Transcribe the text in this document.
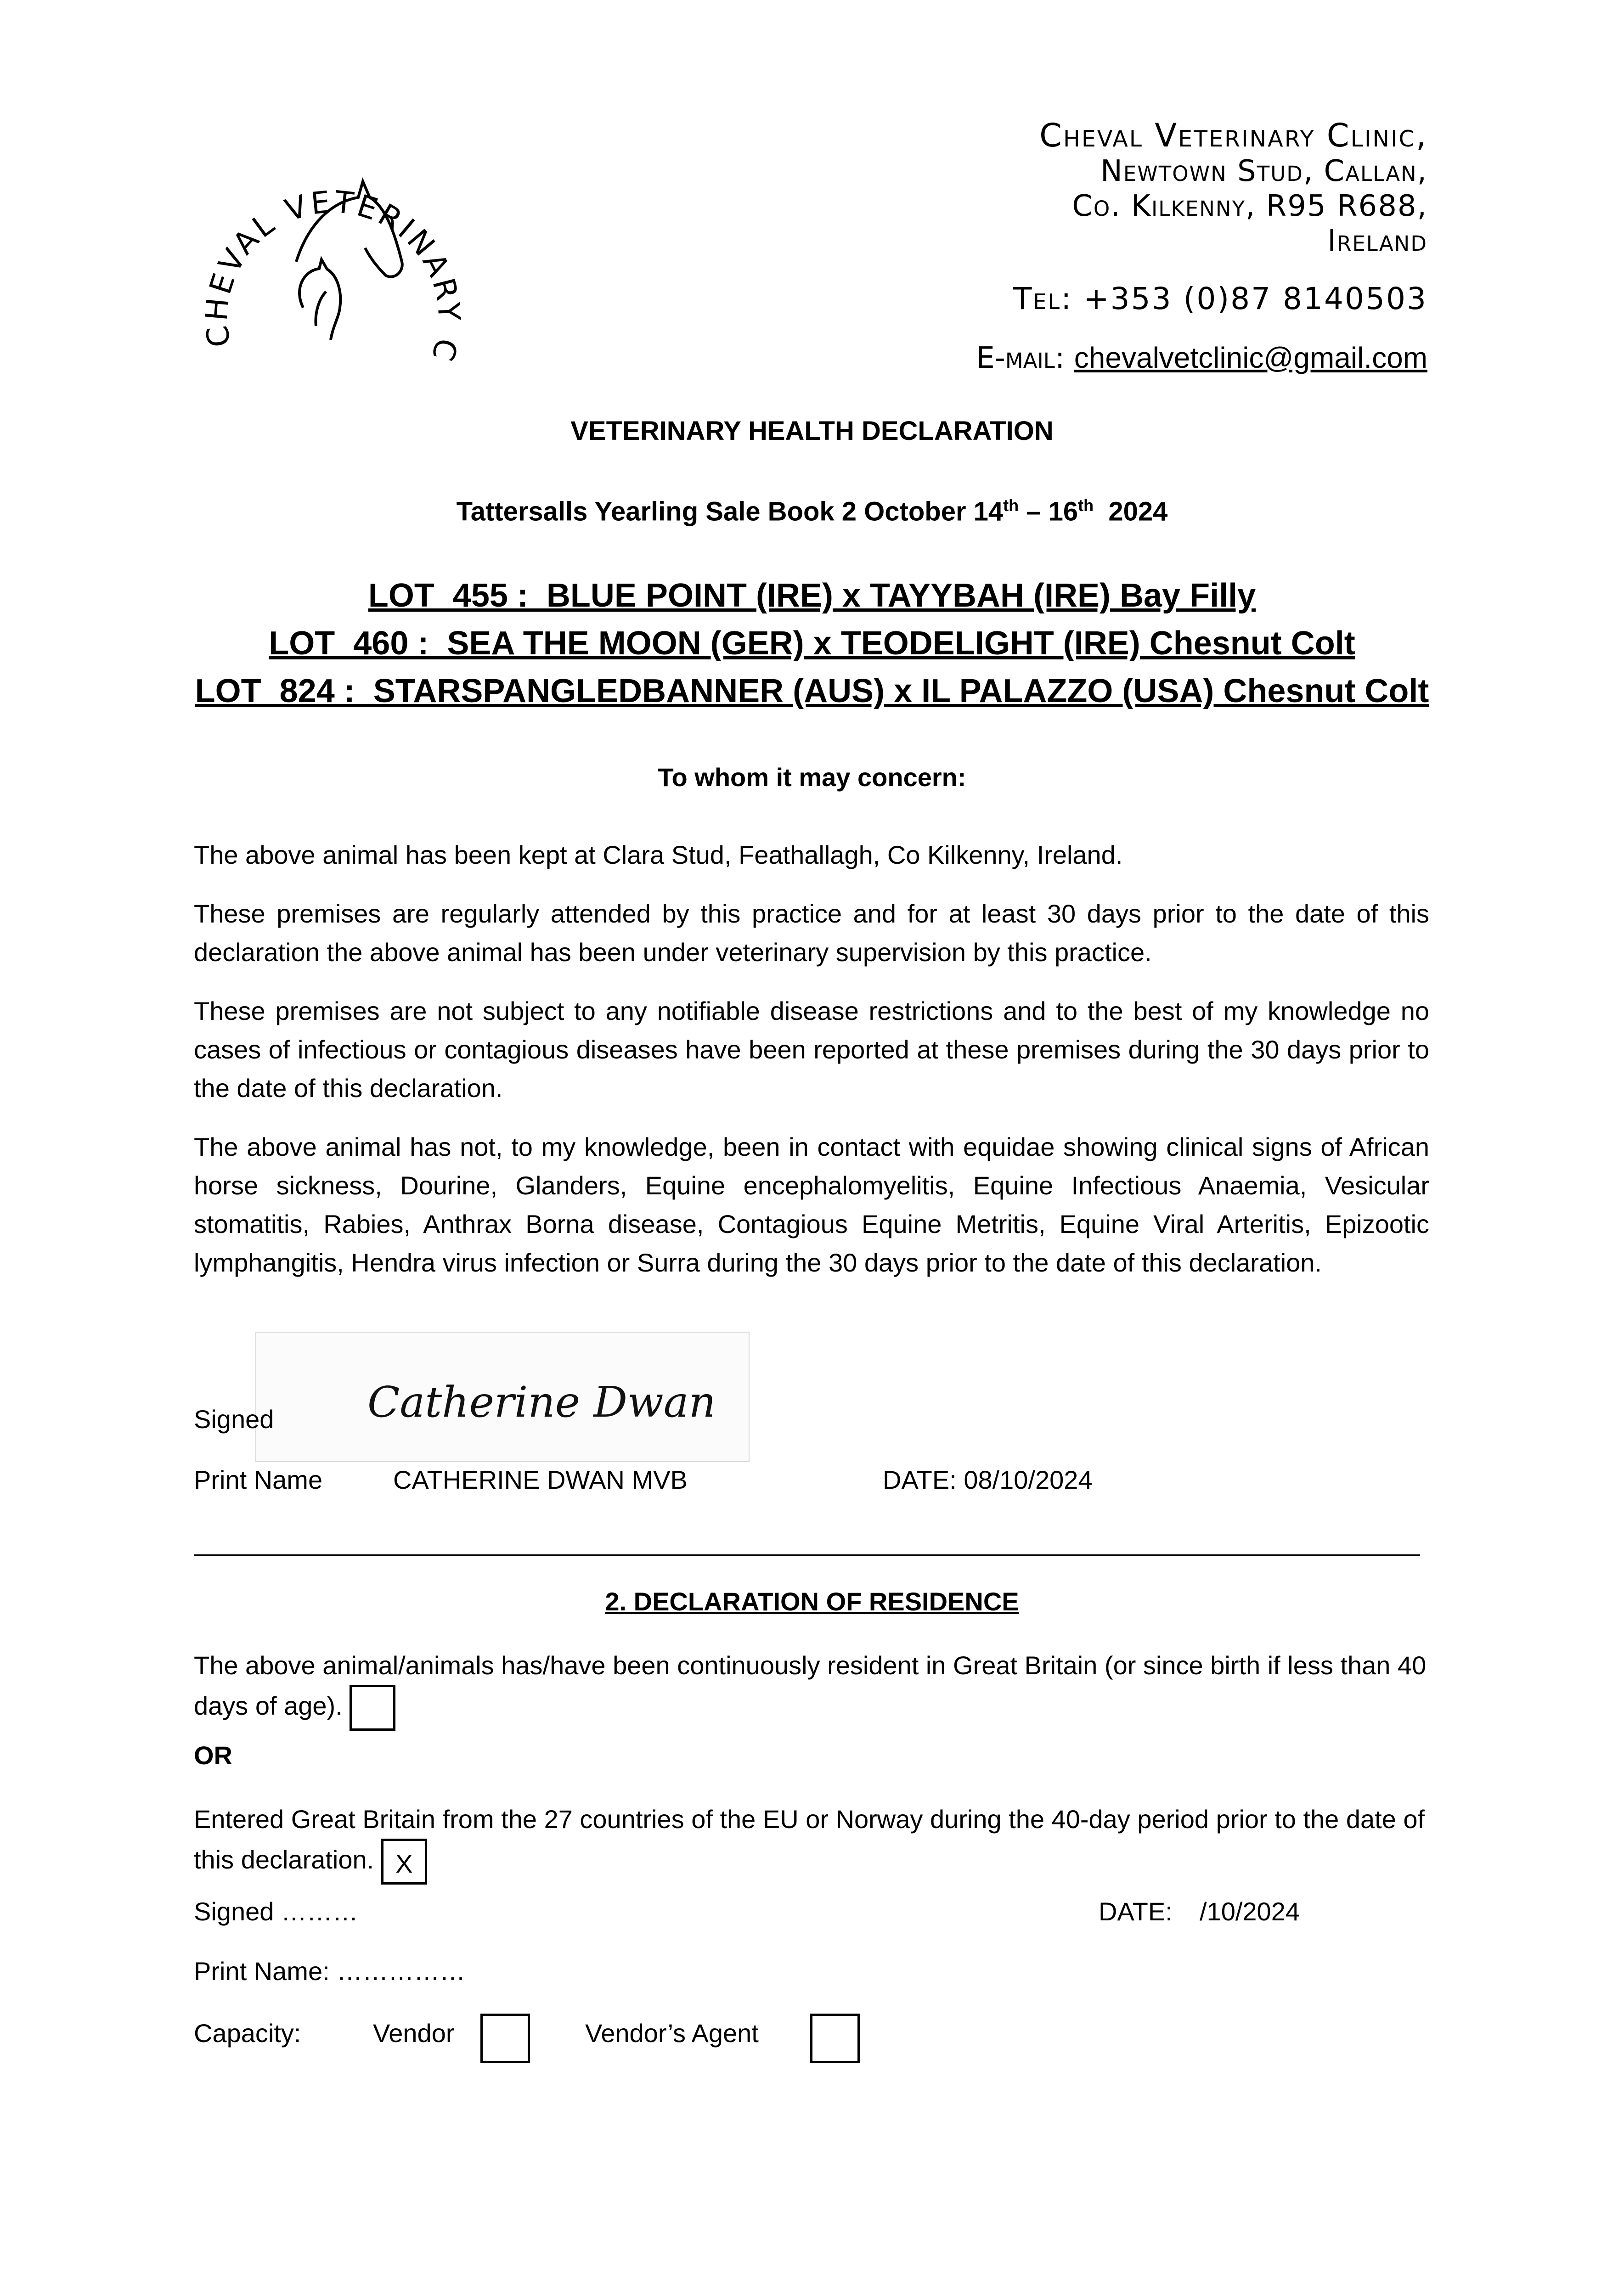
CHEVAL VETERINARY C
Cheval Veterinary Clinic,
Newtown Stud, Callan,
Co. Kilkenny, R95 R688,
Ireland
Tel: +353 (0)87 8140503
E-mail: chevalvetclinic@gmail.com
VETERINARY HEALTH DECLARATION
Tattersalls Yearling Sale Book 2 October 14th – 16th  2024
LOT  455 :  BLUE POINT (IRE) x TAYYBAH (IRE) Bay Filly
LOT  460 :  SEA THE MOON (GER) x TEODELIGHT (IRE) Chesnut Colt
LOT  824 :  STARSPANGLEDBANNER (AUS) x IL PALAZZO (USA) Chesnut Colt
To whom it may concern:

The above animal has been kept at Clara Stud, Feathallagh, Co Kilkenny, Ireland.

These premises are regularly attended by this practice and for at least 30 days prior to the date of this declaration the above animal has been under veterinary supervision by this practice.

These premises are not subject to any notifiable disease restrictions and to the best of my knowledge no cases of infectious or contagious diseases have been reported at these premises during the 30 days prior to the date of this declaration.

The above animal has not, to my knowledge, been in contact with equidae showing clinical signs of African horse sickness, Dourine, Glanders, Equine encephalomyelitis, Equine Infectious Anaemia, Vesicular stomatitis, Rabies, Anthrax Borna disease, Contagious Equine Metritis, Equine Viral Arteritis, Epizootic lymphangitis, Hendra virus infection or Surra during the 30 days prior to the date of this declaration.

Signed Catherine Dwan
Print Name	CATHERINE DWAN MVB	DATE: 08/10/2024
2. DECLARATION OF RESIDENCE
The above animal/animals has/have been continuously resident in Great Britain (or since birth if less than 40 days of age).
OR
Entered Great Britain from the 27 countries of the EU or Norway during the 40-day period prior to the date of this declaration. X
Signed ………	DATE: /10/2024
Print Name: ……………
Capacity:	Vendor	Vendor’s Agent
